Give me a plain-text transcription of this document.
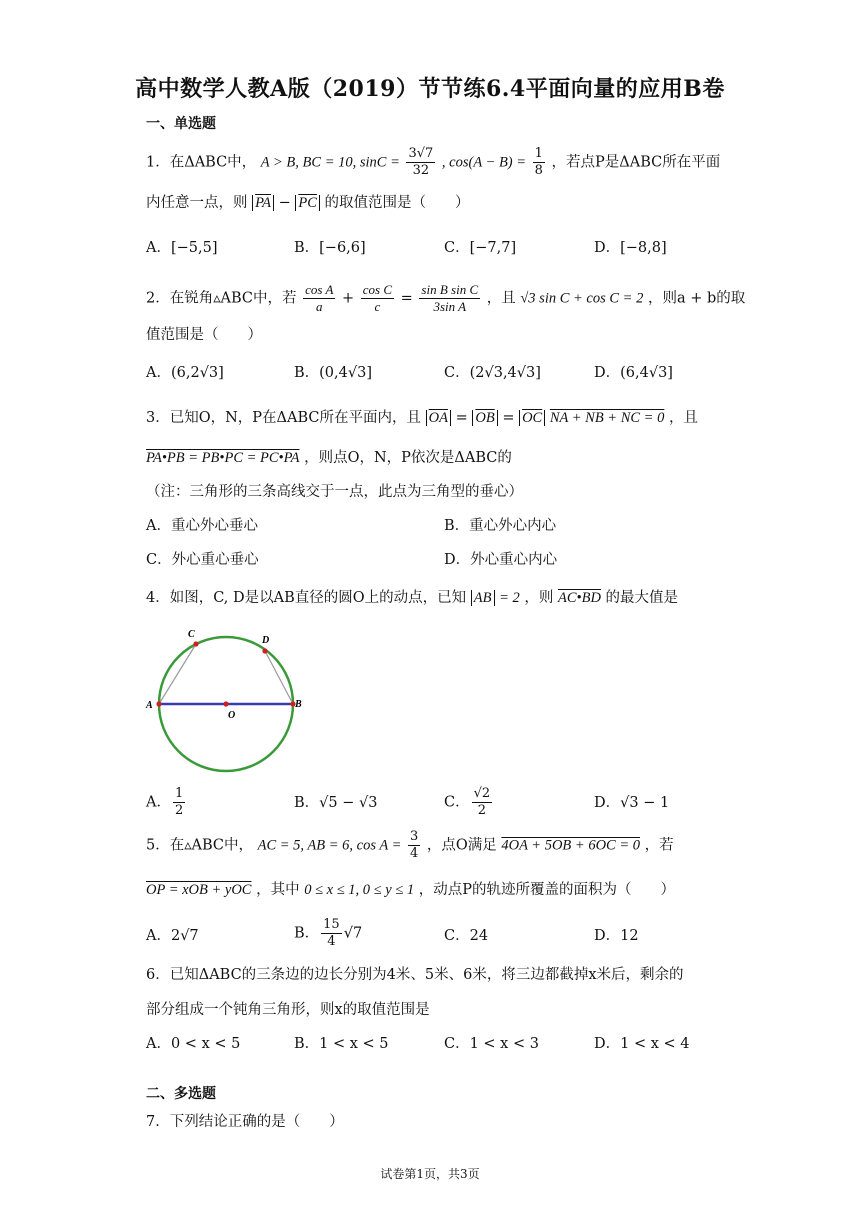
高中数学人教A版（2019）节节练6.4平面向量的应用B卷
一、单选题
1．在ΔABC中， A > B, BC = 10, $\sin C = \frac{3√7}{32}$ , $\cos(A - B) = \frac{1}{8}$ ，若点P是ΔABC所在平面
内任意一点，则 $\overline{PA} - \overline{PC}$ 的取值范围是（　　）
A．[−5,5]	B．[−6,6]	C．[−7,7]	D．[−8,8]
2．在锐角▵ABC中，若 $\frac{\text{cos A}}{a} + \frac{\text{cos C}}{c} = \frac{\text{sin B sin C}}{\text{3sin A}}$ ，且 √3 sin C + cos C = 2 ，则a + b的取
值范围是（　　）
A．(6,2√3]	B．(0,4√3]	C．(2√3,4√3]	D．(6,4√3]
3．已知O，N，P在ΔABC所在平面内，且 $\overline{OA} = \overline{OB} = \overline{OC}$ NA + NB + NC = 0 ，且
PA•PB = PB•PC = PC•PA ，则点O，N，P依次是ΔABC的
（注：三角形的三条高线交于一点，此点为三角型的垂心）
A．重心外心垂心	B．重心外心内心
C．外心重心垂心	D．外心重心内心
4．如图，C, D是以AB直径的圆O上的动点，已知 AB = 2 ，则 AC•BD 的最大值是
A	B
C
D
O
A． $\frac{1}{2}$	B．√5 − √3	C． $\frac{√2}{2}$	D．√3 − 1
5．在▵ABC中， AC = 5, AB = 6, $\cos A = \frac{3}{4}$ ，点O满足 4OA + 5OB + 6OC = 0 ，若
OP = xOB + yOC ，其中 0 ≤ x ≤ 1, 0 ≤ y ≤ 1 ，动点P的轨迹所覆盖的面积为（　　）
A．2√7	B． $\frac{15}{4} √7$	C．24	D．12
6．已知ΔABC的三条边的边长分别为4米、5米、6米，将三边都截掉x米后，剩余的
部分组成一个钝角三角形，则x的取值范围是
A．0 < x < 5	B．1 < x < 5	C．1 < x < 3	D．1 < x < 4
二、多选题
7．下列结论正确的是（　　）
试卷第1页，共3页
